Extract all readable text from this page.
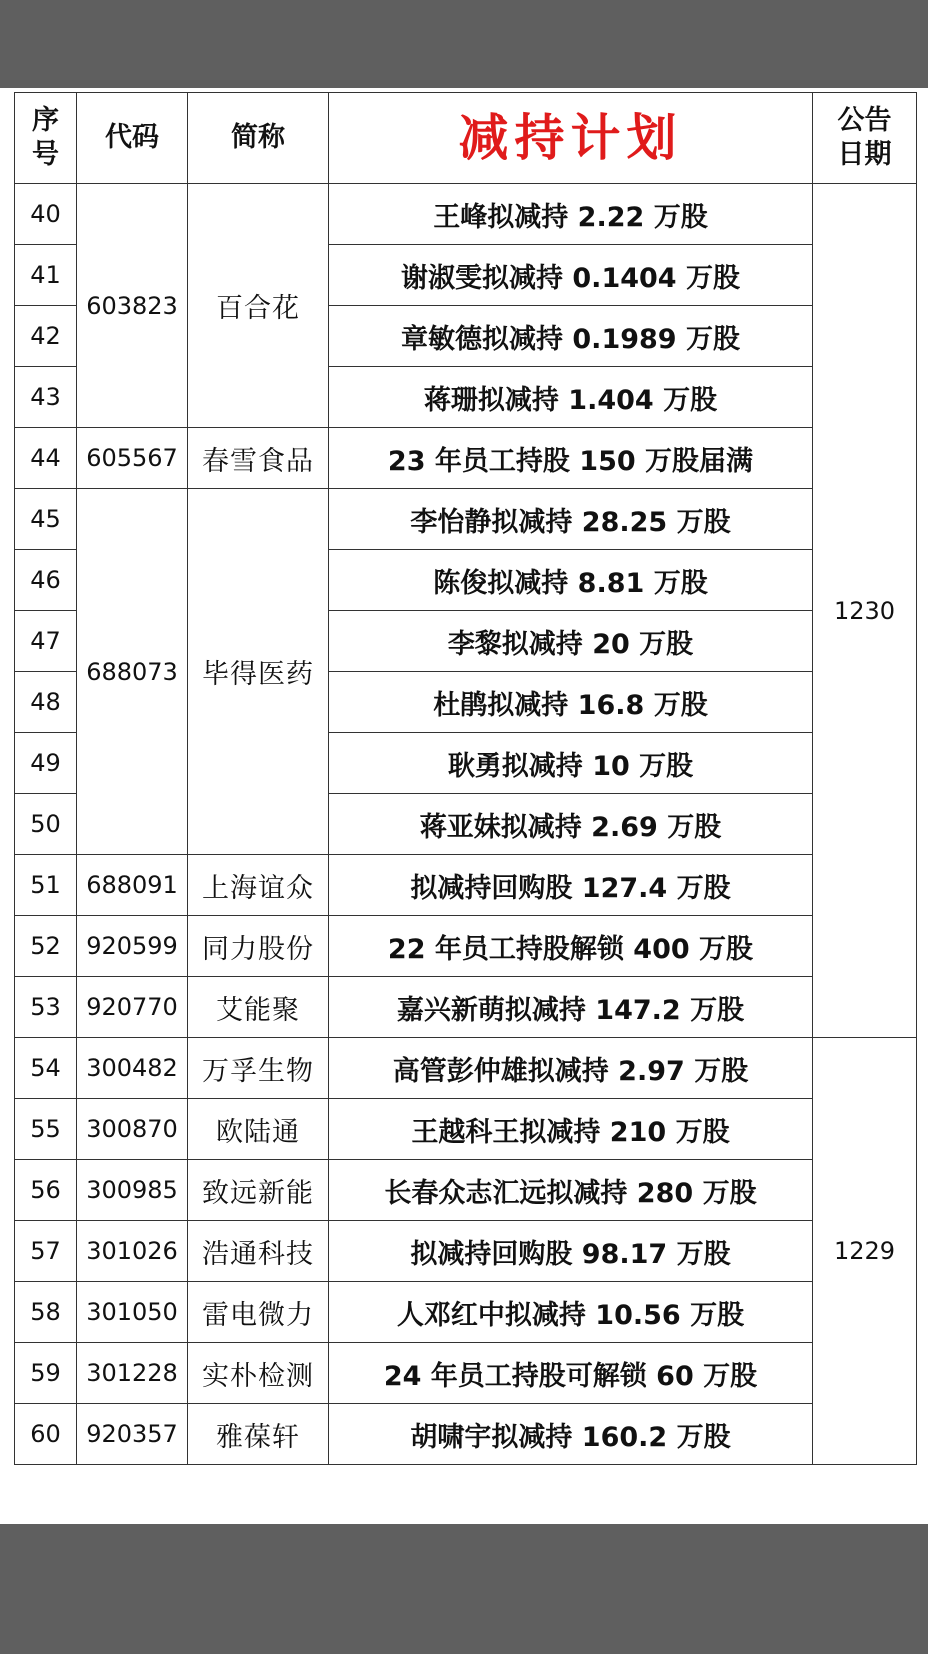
序号	代码	简称	减持计划	公告日期
40	603823	百合花	王峰拟减持 2.22 万股	1230
41			谢淑雯拟减持 0.1404 万股	
42			章敏德拟减持 0.1989 万股	
43			蒋珊拟减持 1.404 万股	
44	605567	春雪食品	23 年员工持股 150 万股届满	
45	688073	毕得医药	李怡静拟减持 28.25 万股	
46			陈俊拟减持 8.81 万股	
47			李黎拟减持 20 万股	
48			杜鹃拟减持 16.8 万股	
49			耿勇拟减持 10 万股	
50			蒋亚妹拟减持 2.69 万股	
51	688091	上海谊众	拟减持回购股 127.4 万股	
52	920599	同力股份	22 年员工持股解锁 400 万股	
53	920770	艾能聚	嘉兴新萌拟减持 147.2 万股	
54	300482	万孚生物	高管彭仲雄拟减持 2.97 万股	1229
55	300870	欧陆通	王越科王拟减持 210 万股	
56	300985	致远新能	长春众志汇远拟减持 280 万股	
57	301026	浩通科技	拟减持回购股 98.17 万股	
58	301050	雷电微力	人邓红中拟减持 10.56 万股	
59	301228	实朴检测	24 年员工持股可解锁 60 万股	
60	920357	雅葆轩	胡啸宇拟减持 160.2 万股	
